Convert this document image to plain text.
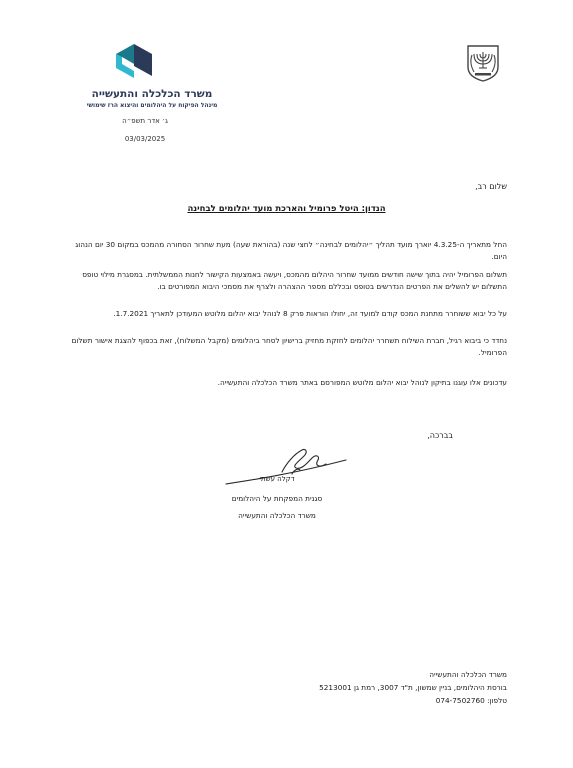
משרד הכלכלה והתעשייה
מינהל הפיקוח על היהלומים והיצוא הרז שימושי
ג׳ אדר תשפ״ה
03/03/2025
שלום רב,
הנדון: היטל פרומיל והארכת מועד יהלומים לבחינה

החל מתאריך ה-4.3.25 יוארך מועד תהליך ״יהלומים לבחינה״ לחצי שנה (בהוראת שעה) מעת שחרור הסחורה מהמכס במקום 30 יום הנהוג היום.

תשלום הפרומיל יהיה בתוך שישה חודשים ממועד שחרור היהלום מהמכס, ויעשה באמצעות הקישור לחנות הממשלתית. במסגרת מילוי טופס התשלום יש להשלים את הפרטים הנדרשים בטופס ובכללם מספר ההצהרה ולצרף את מסמכי היבוא המפורטים בו.

על כל יבוא ששוחרר מתחנת המכס קודם למועד זה, יחולו הוראות פרק 8 לנוהל יבוא יהלום מלוטש המעודכן לתאריך 1.7.2021.

נחדד כי ביבוא רגיל, חברת השילוח תשחרר יהלומים לחזקת מחזיק ברישיון לסחר ביהלומים (מקבל המשלוח), זאת בכפוף להצגת אישור תשלום הפרומיל.

עדכונים אלו עוגנו בתיקון לנוהל יבוא יהלום מלוטש המפורסם באתר משרד הכלכלה והתעשייה.

בברכה,
דקלה עשתי
סגנית המפקחת על היהלומים
משרד הכלכלה והתעשייה
משרד הכלכלה והתעשייה
בורסת היהלומים, בניין שמשון, ת"ד 3007, רמת גן 5213001
טלפון: 074-7502760
